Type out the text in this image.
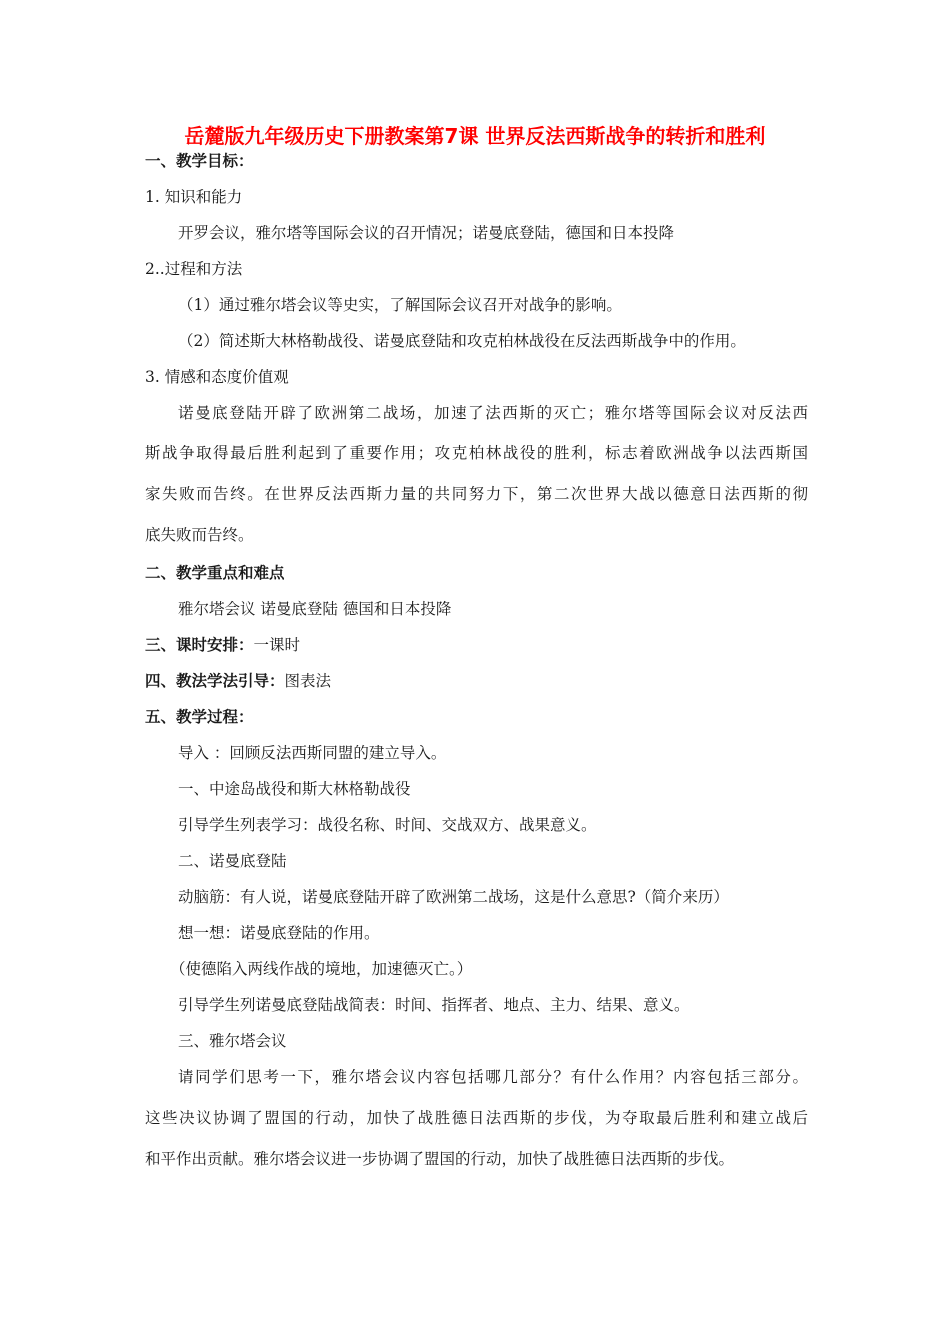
岳麓版九年级历史下册教案第7课 世界反法西斯战争的转折和胜利
一、教学目标：
1. 知识和能力
开罗会议，雅尔塔等国际会议的召开情况；诺曼底登陆，德国和日本投降
2..过程和方法
（1）通过雅尔塔会议等史实，了解国际会议召开对战争的影响。
（2）简述斯大林格勒战役、诺曼底登陆和攻克柏林战役在反法西斯战争中的作用。
3. 情感和态度价值观
诺曼底登陆开辟了欧洲第二战场，加速了法西斯的灭亡；雅尔塔等国际会议对反法西
斯战争取得最后胜利起到了重要作用；攻克柏林战役的胜利，标志着欧洲战争以法西斯国
家失败而告终。在世界反法西斯力量的共同努力下，第二次世界大战以德意日法西斯的彻
底失败而告终。
二、教学重点和难点
雅尔塔会议 诺曼底登陆 德国和日本投降
三、课时安排：一课时
四、教法学法引导：图表法
五、教学过程：
导入 ：回顾反法西斯同盟的建立导入。
一、中途岛战役和斯大林格勒战役
引导学生列表学习：战役名称、时间、交战双方、战果意义。
二、诺曼底登陆
动脑筋：有人说，诺曼底登陆开辟了欧洲第二战场，这是什么意思?（简介来历）
想一想：诺曼底登陆的作用。
（使德陷入两线作战的境地，加速德灭亡。）
引导学生列诺曼底登陆战简表：时间、指挥者、地点、主力、结果、意义。
三、雅尔塔会议
请同学们思考一下，雅尔塔会议内容包括哪几部分？有什么作用？内容包括三部分。
这些决议协调了盟国的行动，加快了战胜德日法西斯的步伐，为夺取最后胜利和建立战后
和平作出贡献。雅尔塔会议进一步协调了盟国的行动，加快了战胜德日法西斯的步伐。
